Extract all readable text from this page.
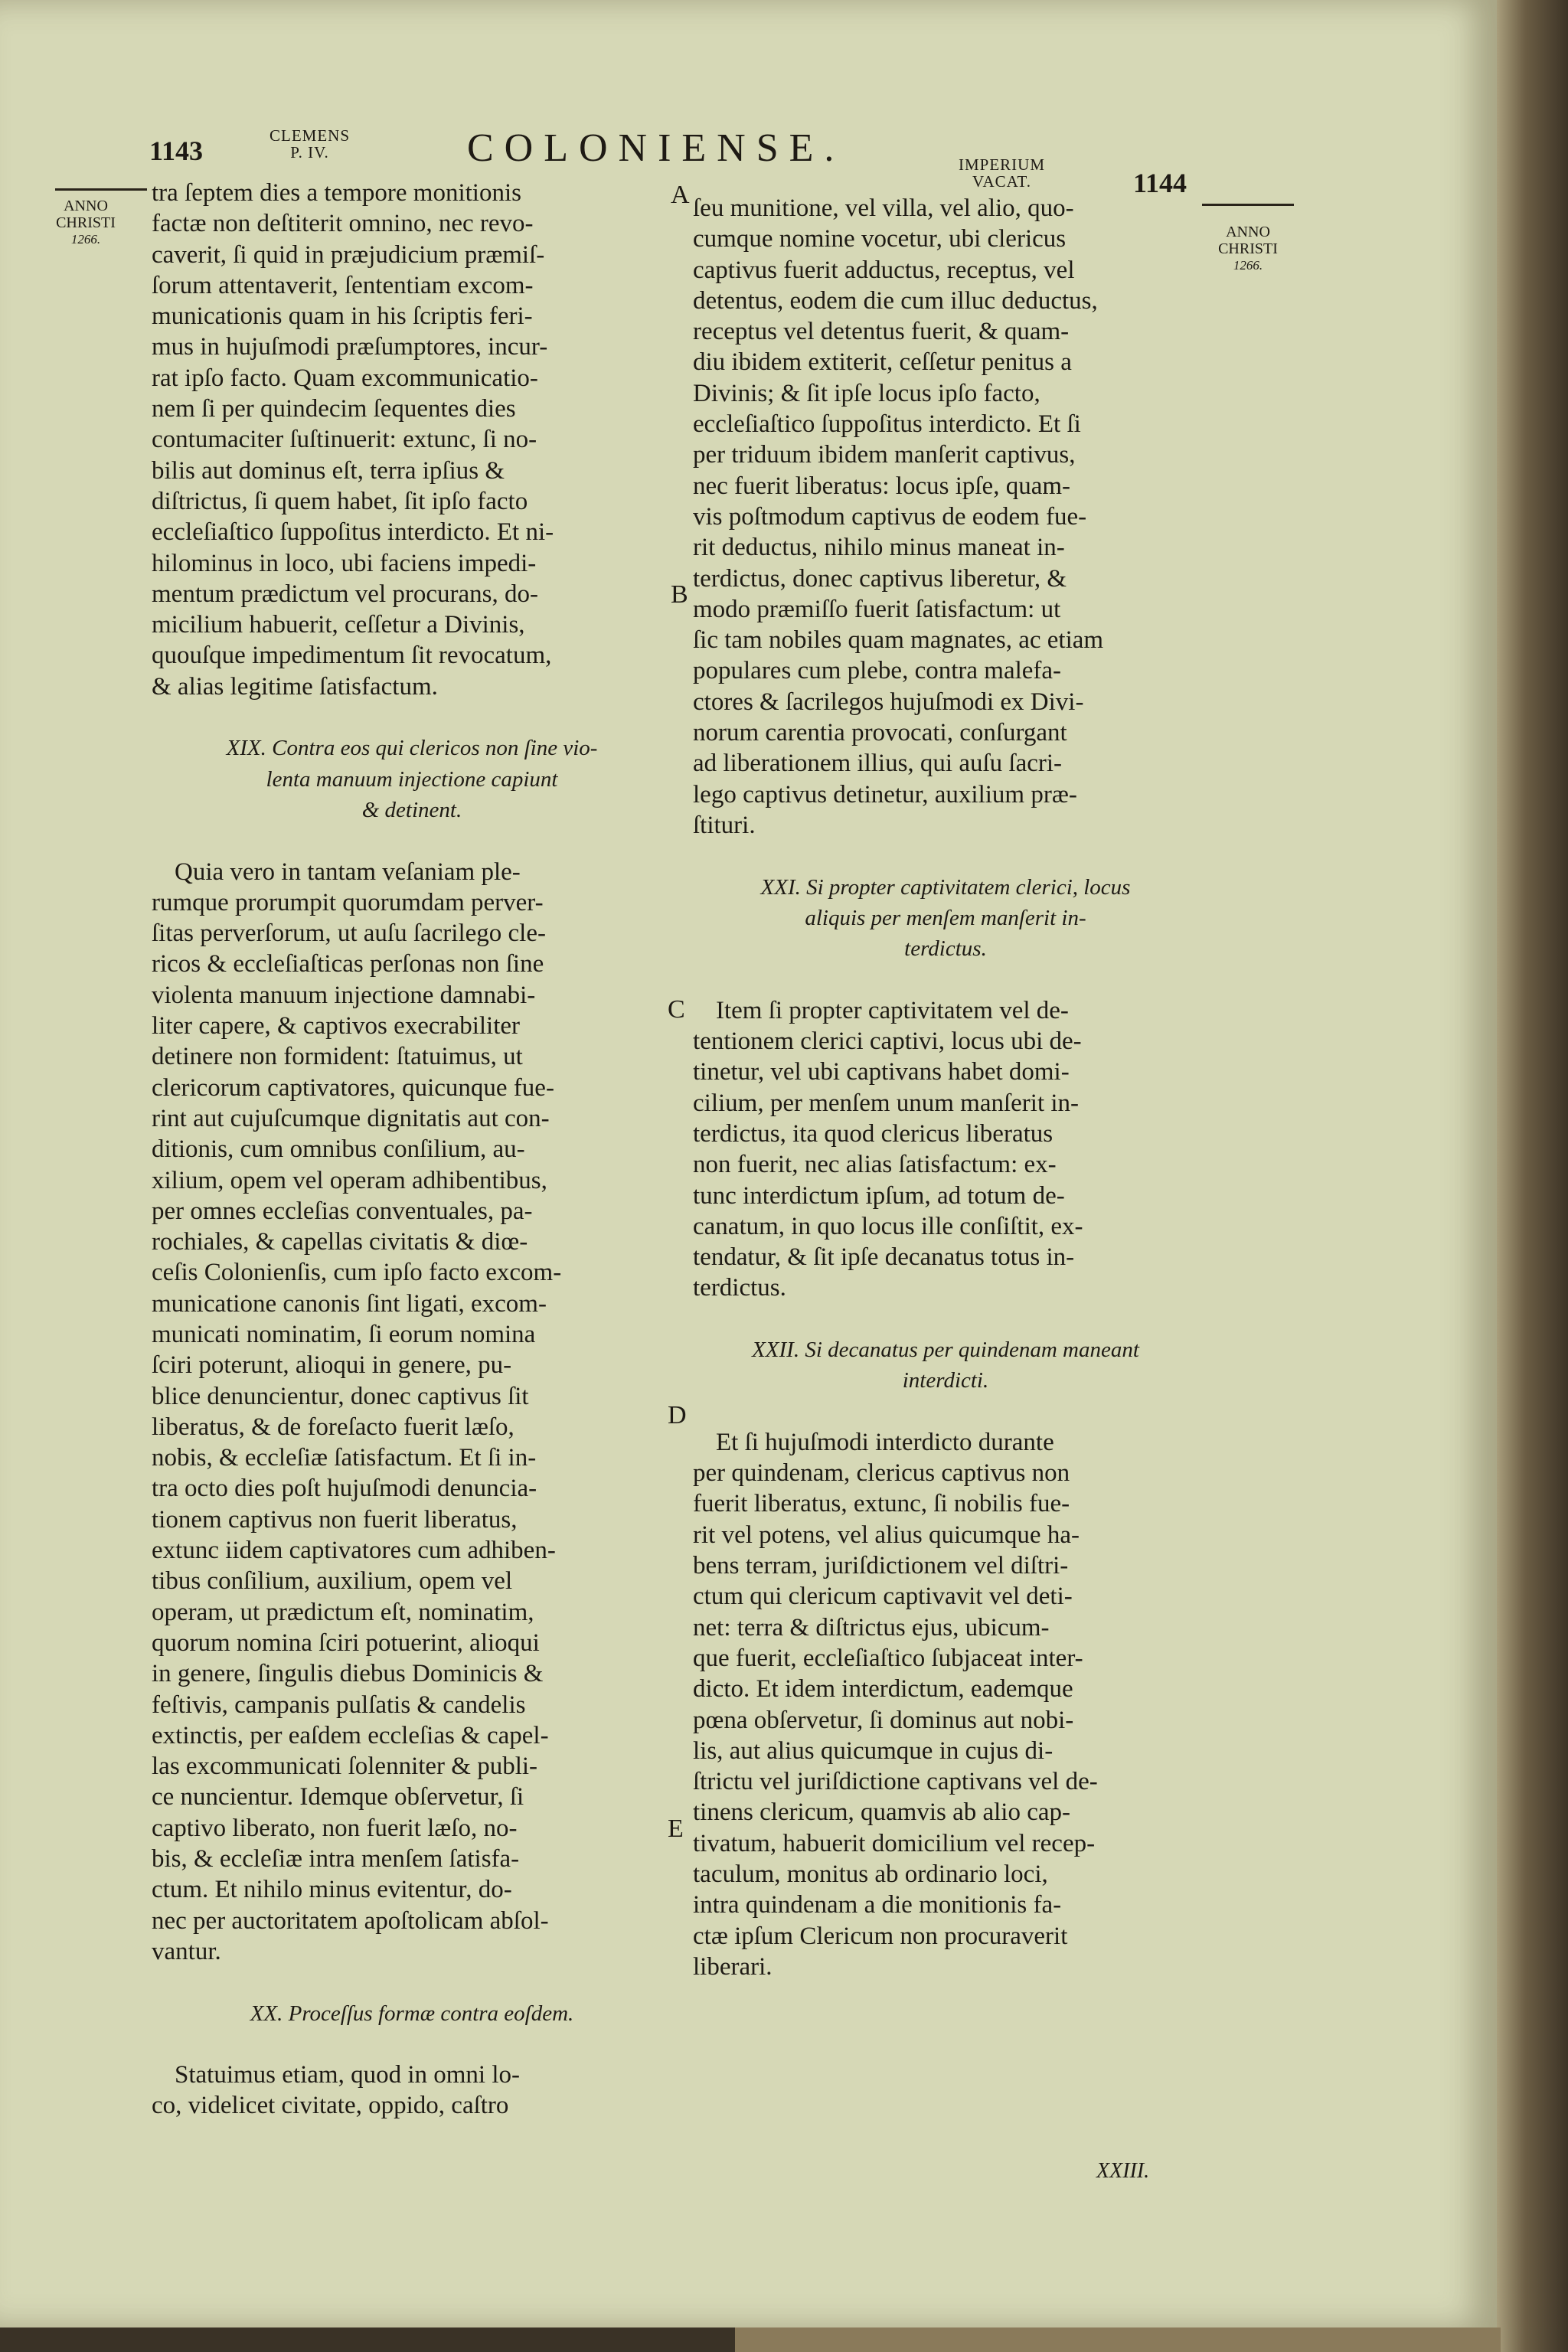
1143	CLEMENS
P. IV.	COLONIENSE.	IMPERIUM
VACAT.	1144
ANNO
CHRISTI
1266.	ANNO
CHRISTI
1266.
A
B
C
D
E
tra ſeptem dies a tempore monitionis
factæ non deſtiterit omnino, nec revo-
caverit, ſi quid in præjudicium præmiſ-
ſorum attentaverit, ſententiam excom-
municationis quam in his ſcriptis feri-
mus in hujuſmodi præſumptores, incur-
rat ipſo facto. Quam excommunicatio-
nem ſi per quindecim ſequentes dies
contumaciter ſuſtinuerit: extunc, ſi no-
bilis aut dominus eſt, terra ipſius &
diſtrictus, ſi quem habet, ſit ipſo facto
eccleſiaſtico ſuppoſitus interdicto. Et ni-
hilominus in loco, ubi faciens impedi-
mentum prædictum vel procurans, do-
micilium habuerit, ceſſetur a Divinis,
quouſque impedimentum ſit revocatum,
& alias legitime ſatisfactum.
XIX. Contra eos qui clericos non ſine vio-
lenta manuum injectione capiunt
& detinent.
Quia vero in tantam veſaniam ple-
rumque prorumpit quorumdam perver-
ſitas perverſorum, ut auſu ſacrilego cle-
ricos & eccleſiaſticas perſonas non ſine
violenta manuum injectione damnabi-
liter capere, & captivos execrabiliter
detinere non formident: ſtatuimus, ut
clericorum captivatores, quicunque fue-
rint aut cujuſcumque dignitatis aut con-
ditionis, cum omnibus conſilium, au-
xilium, opem vel operam adhibentibus,
per omnes eccleſias conventuales, pa-
rochiales, & capellas civitatis & diœ-
ceſis Colonienſis, cum ipſo facto excom-
municatione canonis ſint ligati, excom-
municati nominatim, ſi eorum nomina
ſciri poterunt, alioqui in genere, pu-
blice denuncientur, donec captivus ſit
liberatus, & de foreſacto fuerit læſo,
nobis, & eccleſiæ ſatisfactum. Et ſi in-
tra octo dies poſt hujuſmodi denuncia-
tionem captivus non fuerit liberatus,
extunc iidem captivatores cum adhiben-
tibus conſilium, auxilium, opem vel
operam, ut prædictum eſt, nominatim,
quorum nomina ſciri potuerint, alioqui
in genere, ſingulis diebus Dominicis &
feſtivis, campanis pulſatis & candelis
extinctis, per eaſdem eccleſias & capel-
las excommunicati ſolenniter & publi-
ce nuncientur. Idemque obſervetur, ſi
captivo liberato, non fuerit læſo, no-
bis, & eccleſiæ intra menſem ſatisfa-
ctum. Et nihilo minus evitentur, do-
nec per auctoritatem apoſtolicam abſol-
vantur.
XX. Proceſſus formæ contra eoſdem.
Statuimus etiam, quod in omni lo-
co, videlicet civitate, oppido, caſtro
ſeu munitione, vel villa, vel alio, quo-
cumque nomine vocetur, ubi clericus
captivus fuerit adductus, receptus, vel
detentus, eodem die cum illuc deductus,
receptus vel detentus fuerit, & quam-
diu ibidem extiterit, ceſſetur penitus a
Divinis; & ſit ipſe locus ipſo facto,
eccleſiaſtico ſuppoſitus interdicto. Et ſi
per triduum ibidem manſerit captivus,
nec fuerit liberatus: locus ipſe, quam-
vis poſtmodum captivus de eodem fue-
rit deductus, nihilo minus maneat in-
terdictus, donec captivus liberetur, &
modo præmiſſo fuerit ſatisfactum: ut
ſic tam nobiles quam magnates, ac etiam
populares cum plebe, contra malefa-
ctores & ſacrilegos hujuſmodi ex Divi-
norum carentia provocati, conſurgant
ad liberationem illius, qui auſu ſacri-
lego captivus detinetur, auxilium præ-
ſtituri.
XXI. Si propter captivitatem clerici, locus
aliquis per menſem manſerit in-
terdictus.
Item ſi propter captivitatem vel de-
tentionem clerici captivi, locus ubi de-
tinetur, vel ubi captivans habet domi-
cilium, per menſem unum manſerit in-
terdictus, ita quod clericus liberatus
non fuerit, nec alias ſatisfactum: ex-
tunc interdictum ipſum, ad totum de-
canatum, in quo locus ille conſiſtit, ex-
tendatur, & ſit ipſe decanatus totus in-
terdictus.
XXII. Si decanatus per quindenam maneant
interdicti.
Et ſi hujuſmodi interdicto durante
per quindenam, clericus captivus non
fuerit liberatus, extunc, ſi nobilis fue-
rit vel potens, vel alius quicumque ha-
bens terram, juriſdictionem vel diſtri-
ctum qui clericum captivavit vel deti-
net: terra & diſtrictus ejus, ubicum-
que fuerit, eccleſiaſtico ſubjaceat inter-
dicto. Et idem interdictum, eademque
pœna obſervetur, ſi dominus aut nobi-
lis, aut alius quicumque in cujus di-
ſtrictu vel juriſdictione captivans vel de-
tinens clericum, quamvis ab alio cap-
tivatum, habuerit domicilium vel recep-
taculum, monitus ab ordinario loci,
intra quindenam a die monitionis fa-
ctæ ipſum Clericum non procuraverit
liberari.
XXIII.
